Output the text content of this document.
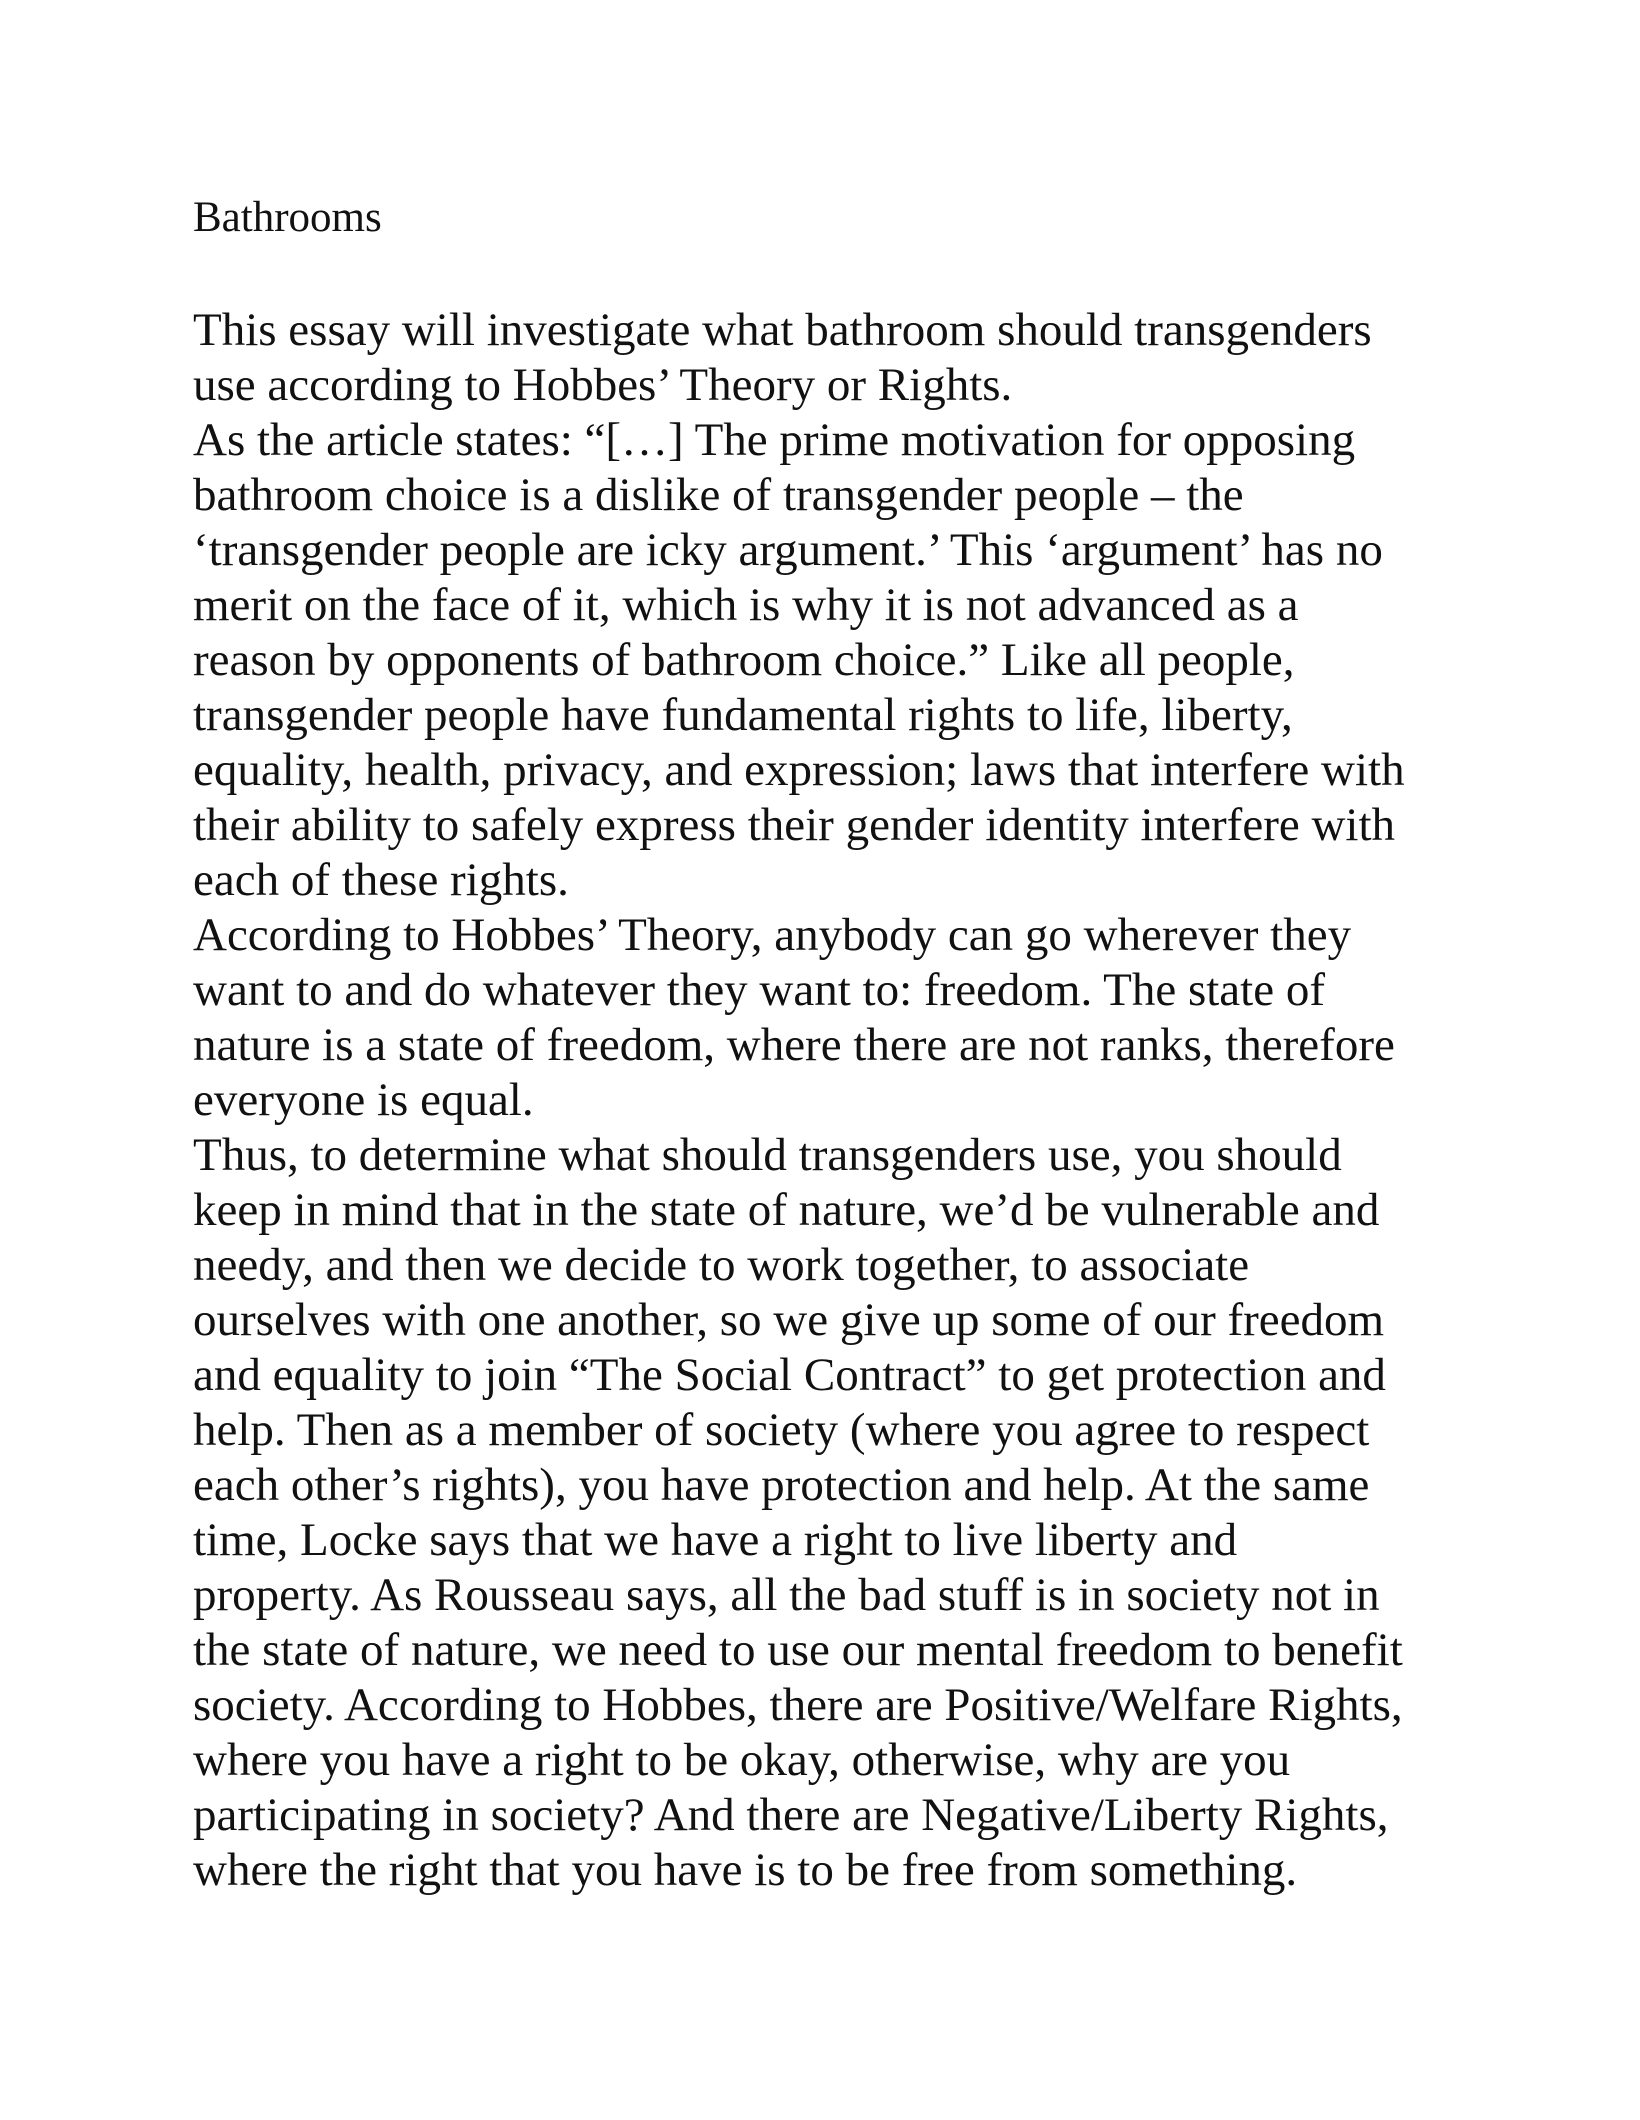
Bathrooms
This essay will investigate what bathroom should transgenders
use according to Hobbes’ Theory or Rights.
As the article states: “[…] The prime motivation for opposing
bathroom choice is a dislike of transgender people – the
‘transgender people are icky argument.’ This ‘argument’ has no
merit on the face of it, which is why it is not advanced as a
reason by opponents of bathroom choice.” Like all people,
transgender people have fundamental rights to life, liberty,
equality, health, privacy, and expression; laws that interfere with
their ability to safely express their gender identity interfere with
each of these rights.
According to Hobbes’ Theory, anybody can go wherever they
want to and do whatever they want to: freedom. The state of
nature is a state of freedom, where there are not ranks, therefore
everyone is equal.
Thus, to determine what should transgenders use, you should
keep in mind that in the state of nature, we’d be vulnerable and
needy, and then we decide to work together, to associate
ourselves with one another, so we give up some of our freedom
and equality to join “The Social Contract” to get protection and
help. Then as a member of society (where you agree to respect
each other’s rights), you have protection and help. At the same
time, Locke says that we have a right to live liberty and
property. As Rousseau says, all the bad stuff is in society not in
the state of nature, we need to use our mental freedom to benefit
society. According to Hobbes, there are Positive/Welfare Rights,
where you have a right to be okay, otherwise, why are you
participating in society? And there are Negative/Liberty Rights,
where the right that you have is to be free from something.
